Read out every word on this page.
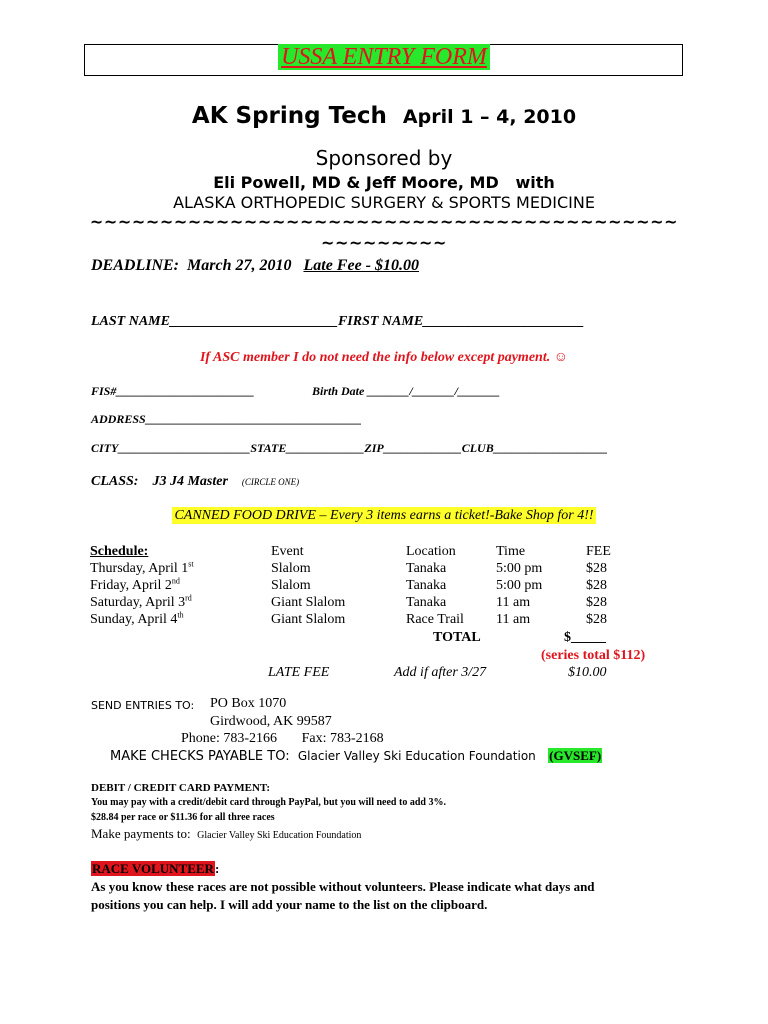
USSA ENTRY FORM
AK Spring Tech April 1 – 4, 2010
Sponsored by
Eli Powell, MD & Jeff Moore, MD with
ALASKA ORTHOPEDIC SURGERY & SPORTS MEDICINE
~~~~~~~~~~~~~~~~~~~~~~~~~~~~~~~~~~~~~~~~~~
~~~~~~~~~
DEADLINE: March 27, 2010 Late Fee - $10.00
LAST NAME________________________FIRST NAME_______________________
If ASC member I do not need the info below except payment. ☺
FIS#_______________________	Birth Date _______/_______/_______
ADDRESS____________________________________
CITY______________________STATE_____________ZIP_____________CLUB___________________
CLASS: J3 J4 Master (CIRCLE ONE)
CANNED FOOD DRIVE – Every 3 items earns a ticket!-Bake Shop for 4!!
Schedule:	Event	Location	Time	FEE
Thursday, April 1st	Slalom	Tanaka	5:00 pm	$28
Friday, April 2nd	Slalom	Tanaka	5:00 pm	$28
Saturday, April 3rd	Giant Slalom	Tanaka	11 am	$28
Sunday, April 4th	Giant Slalom	Race Trail	11 am	$28
TOTAL	$_____
(series total $112)
LATE FEE	Add if after 3/27	$10.00
SEND ENTRIES TO: PO Box 1070
Girdwood, AK 99587
Phone: 783-2166 Fax: 783-2168
MAKE CHECKS PAYABLE TO: Glacier Valley Ski Education Foundation (GVSEF)
DEBIT / CREDIT CARD PAYMENT:
You may pay with a credit/debit card through PayPal, but you will need to add 3%.
$28.84 per race or $11.36 for all three races
Make payments to: Glacier Valley Ski Education Foundation
RACE VOLUNTEER:
As you know these races are not possible without volunteers. Please indicate what days and
positions you can help. I will add your name to the list on the clipboard.
